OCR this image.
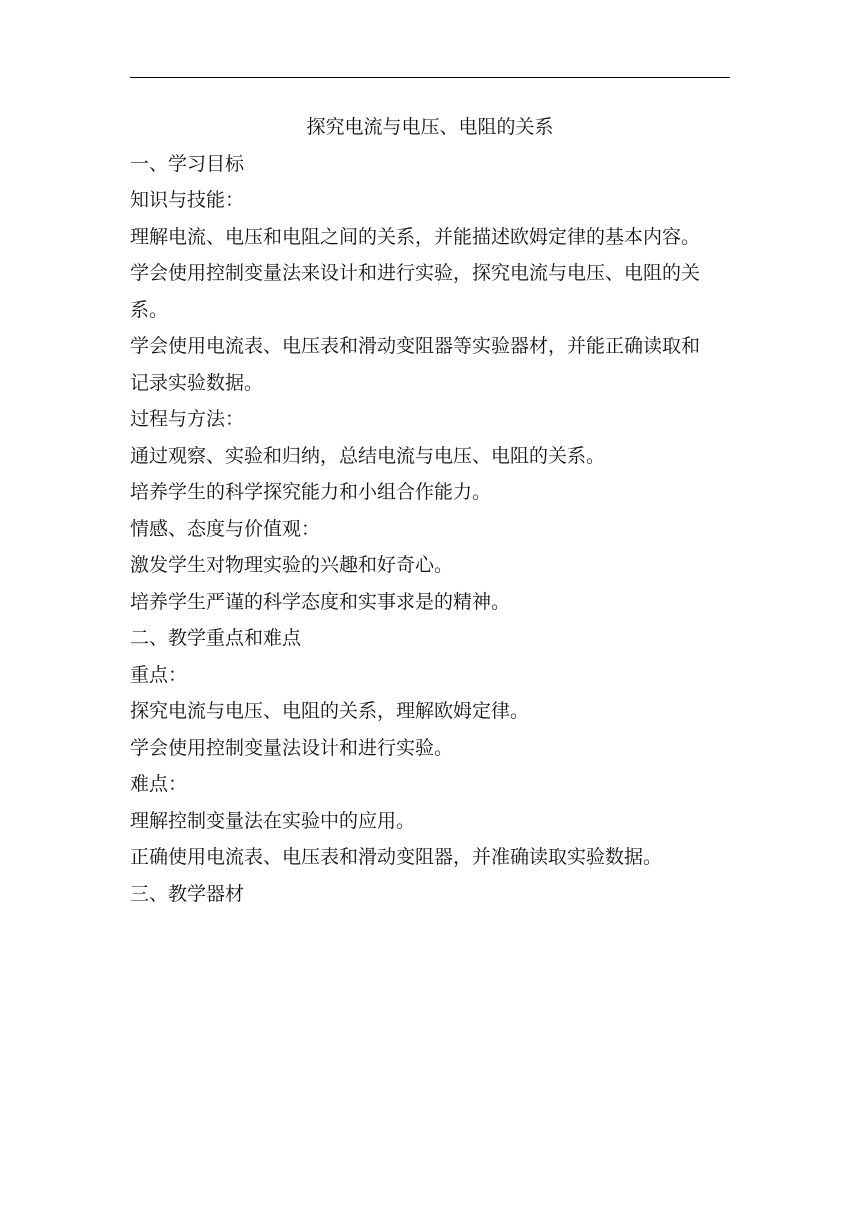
探究电流与电压、电阻的关系
一、学习目标
知识与技能：
理解电流、电压和电阻之间的关系，并能描述欧姆定律的基本内容。
学会使用控制变量法来设计和进行实验，探究电流与电压、电阻的关
系。
学会使用电流表、电压表和滑动变阻器等实验器材，并能正确读取和
记录实验数据。
过程与方法：
通过观察、实验和归纳，总结电流与电压、电阻的关系。
培养学生的科学探究能力和小组合作能力。
情感、态度与价值观：
激发学生对物理实验的兴趣和好奇心。
培养学生严谨的科学态度和实事求是的精神。
二、教学重点和难点
重点：
探究电流与电压、电阻的关系，理解欧姆定律。
学会使用控制变量法设计和进行实验。
难点：
理解控制变量法在实验中的应用。
正确使用电流表、电压表和滑动变阻器，并准确读取实验数据。
三、教学器材
